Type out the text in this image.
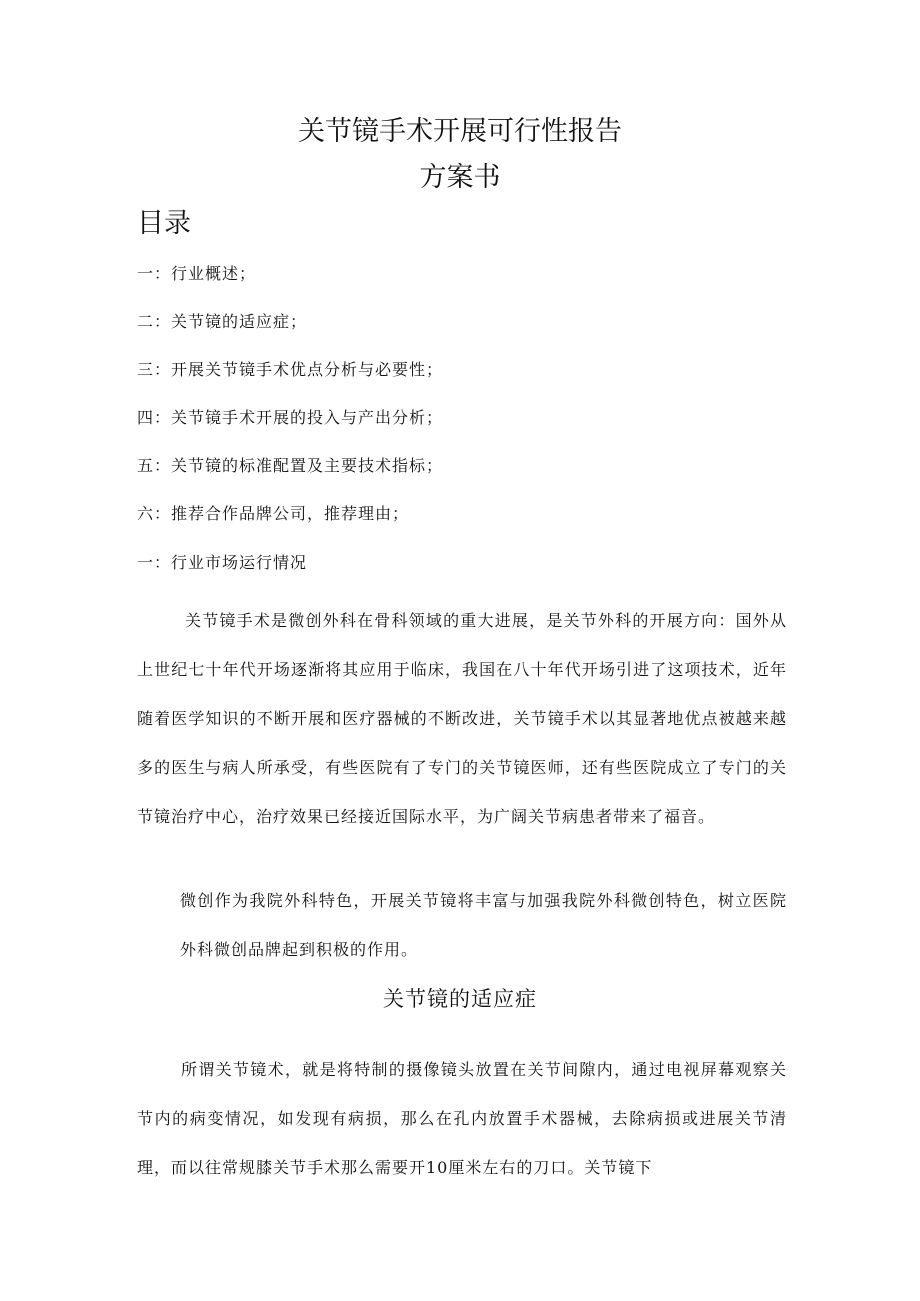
关节镜手术开展可行性报告
方案书
目录
一：行业概述；
二：关节镜的适应症；
三：开展关节镜手术优点分析与必要性；
四：关节镜手术开展的投入与产出分析；
五：关节镜的标准配置及主要技术指标；
六：推荐合作品牌公司，推荐理由；
一：行业市场运行情况

关节镜手术是微创外科在骨科领域的重大进展，是关节外科的开展方向：国外从上世纪七十年代开场逐渐将其应用于临床，我国在八十年代开场引进了这项技术，近年随着医学知识的不断开展和医疗器械的不断改进，关节镜手术以其显著地优点被越来越多的医生与病人所承受，有些医院有了专门的关节镜医师，还有些医院成立了专门的关节镜治疗中心，治疗效果已经接近国际水平，为广阔关节病患者带来了福音。

微创作为我院外科特色，开展关节镜将丰富与加强我院外科微创特色，树立医院外科微创品牌起到积极的作用。

关节镜的适应症

所谓关节镜术，就是将特制的摄像镜头放置在关节间隙内，通过电视屏幕观察关节内的病变情况，如发现有病损，那么在孔内放置手术器械，去除病损或进展关节清理，而以往常规膝关节手术那么需要开10厘米左右的刀口。关节镜下
